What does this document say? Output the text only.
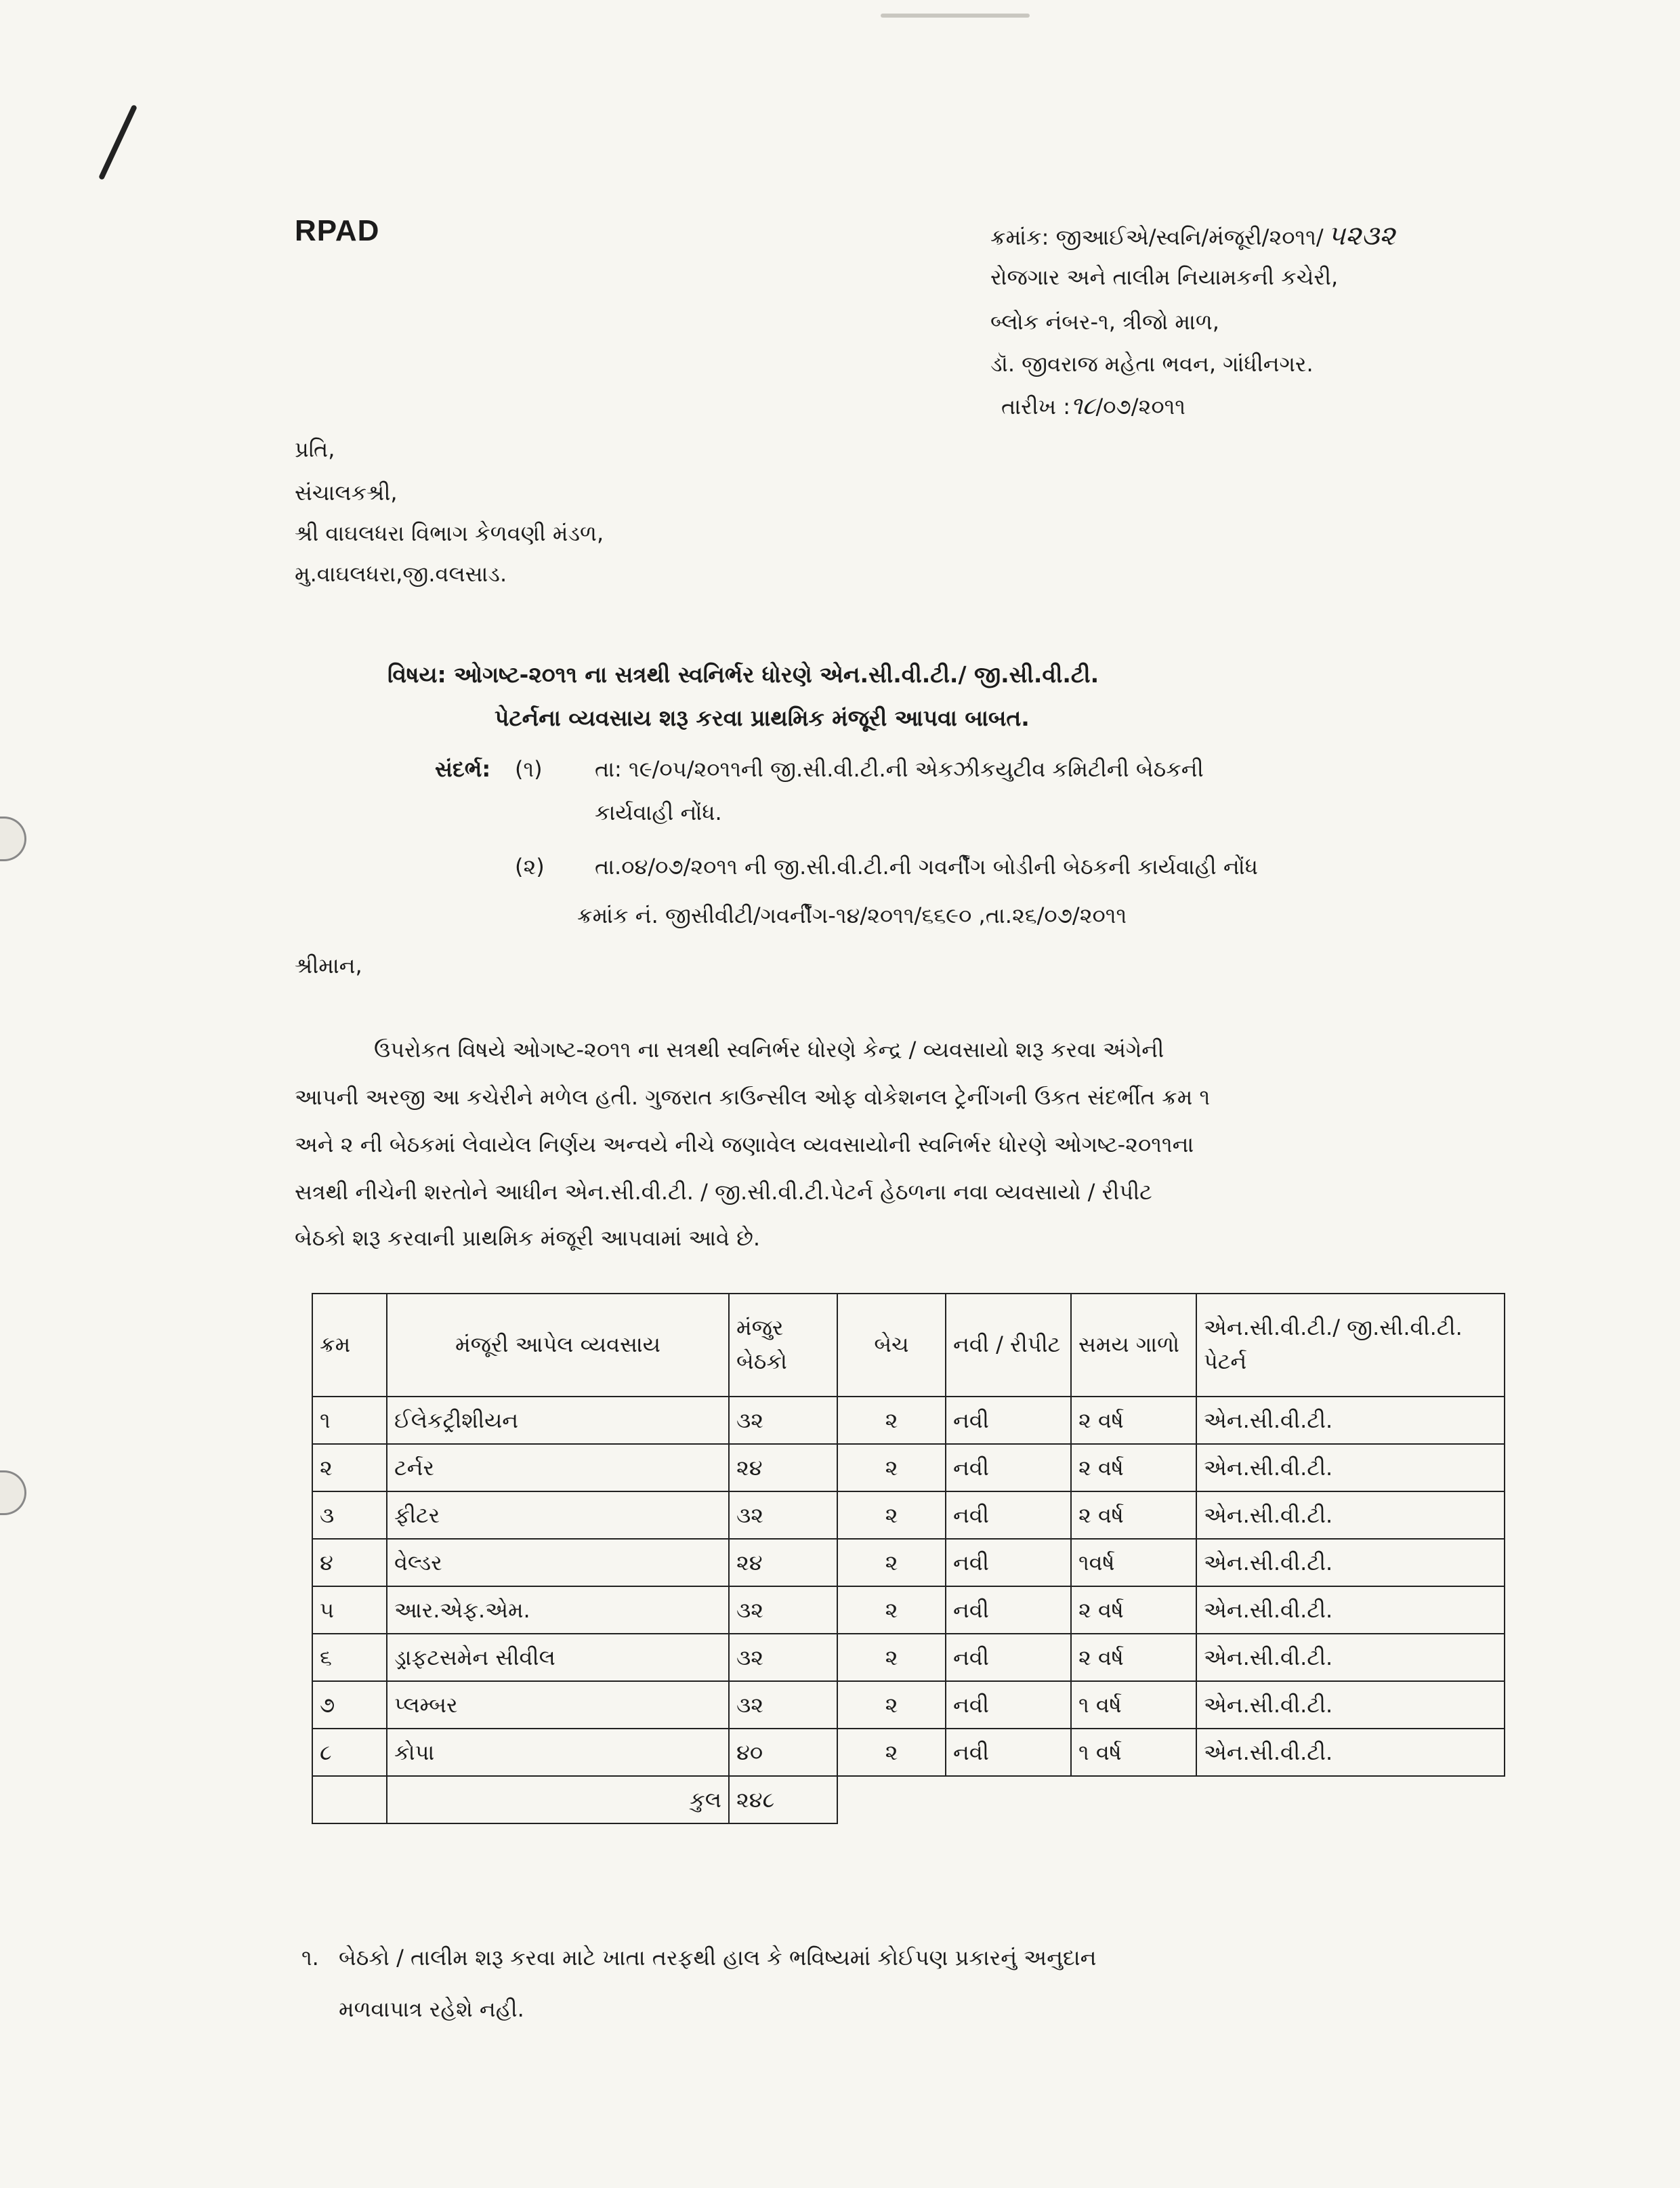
RPAD	ક્રમાંક: જીઆઈએ/સ્વનિ/મંજૂરી/૨૦૧૧/ ૫૨૩૨
રોજગાર અને તાલીમ નિયામકની કચેરી,
બ્લોક નંબર-૧, ત્રીજો માળ,
ડૉ. જીવરાજ મહેતા ભવન, ગાંધીનગર.
તારીખ :૧૮/૦૭/૨૦૧૧
પ્રતિ,
સંચાલકશ્રી,
શ્રી વાઘલધરા વિભાગ કેળવણી મંડળ,
મુ.વાઘલધરા,જી.વલસાડ.
વિષય: ઓગષ્ટ-૨૦૧૧ ના સત્રથી સ્વનિર્ભર ધોરણે એન.સી.વી.ટી./ જી.સી.વી.ટી.
પેટર્નના વ્યવસાય શરૂ કરવા પ્રાથમિક મંજૂરી આપવા બાબત.
સંદર્ભ: (૧) તા: ૧૯/૦૫/૨૦૧૧ની જી.સી.વી.ટી.ની એકઝીકયુટીવ કમિટીની બેઠકની
કાર્યવાહી નોંધ.
(૨) તા.૦૪/૦૭/૨૦૧૧ ની જી.સી.વી.ટી.ની ગવર્નીંગ બોડીની બેઠકની કાર્યવાહી નોંધ
ક્રમાંક નં. જીસીવીટી/ગવર્નીંગ-૧૪/૨૦૧૧/૬૬૯૦ ,તા.૨૬/૦૭/૨૦૧૧
શ્રીમાન,
ઉપરોકત વિષયે ઓગષ્ટ-૨૦૧૧ ના સત્રથી સ્વનિર્ભર ધોરણે કેન્દ્ર / વ્યવસાયો શરૂ કરવા અંગેની
આપની અરજી આ કચેરીને મળેલ હતી. ગુજરાત કાઉન્સીલ ઓફ વોકેશનલ ટ્રેનીંગની ઉકત સંદર્ભીત ક્રમ ૧
અને ૨ ની બેઠકમાં લેવાયેલ નિર્ણય અન્વયે નીચે જણાવેલ વ્યવસાયોની સ્વનિર્ભર ધોરણે ઓગષ્ટ-૨૦૧૧ના
સત્રથી નીચેની શરતોને આધીન એન.સી.વી.ટી. / જી.સી.વી.ટી.પેટર્ન હેઠળના નવા વ્યવસાયો / રીપીટ
બેઠકો શરૂ કરવાની પ્રાથમિક મંજૂરી આપવામાં આવે છે.
ક્રમ	મંજૂરી આપેલ વ્યવસાય	મંજુર બેઠકો	બેચ	નવી / રીપીટ	સમય ગાળો	એન.સી.વી.ટી./ જી.સી.વી.ટી. પેટર્ન
૧	ઈલેકટ્રીશીયન	૩૨	૨	નવી	૨ વર્ષ	એન.સી.વી.ટી.
૨	ટર્નર	૨૪	૨	નવી	૨ વર્ષ	એન.સી.વી.ટી.
૩	ફીટર	૩૨	૨	નવી	૨ વર્ષ	એન.સી.વી.ટી.
૪	વેલ્ડર	૨૪	૨	નવી	૧વર્ષ	એન.સી.વી.ટી.
૫	આર.એફ.એમ.	૩૨	૨	નવી	૨ વર્ષ	એન.સી.વી.ટી.
૬	ડ્રાફટસમેન સીવીલ	૩૨	૨	નવી	૨ વર્ષ	એન.સી.વી.ટી.
૭	પ્લમ્બર	૩૨	૨	નવી	૧ વર્ષ	એન.સી.વી.ટી.
૮	કોપા	૪૦	૨	નવી	૧ વર્ષ	એન.સી.વી.ટી.
	કુલ	૨૪૮				
૧. બેઠકો / તાલીમ શરૂ કરવા માટે ખાતા તરફથી હાલ કે ભવિષ્યમાં કોઈપણ પ્રકારનું અનુદાન
મળવાપાત્ર રહેશે નહી.
